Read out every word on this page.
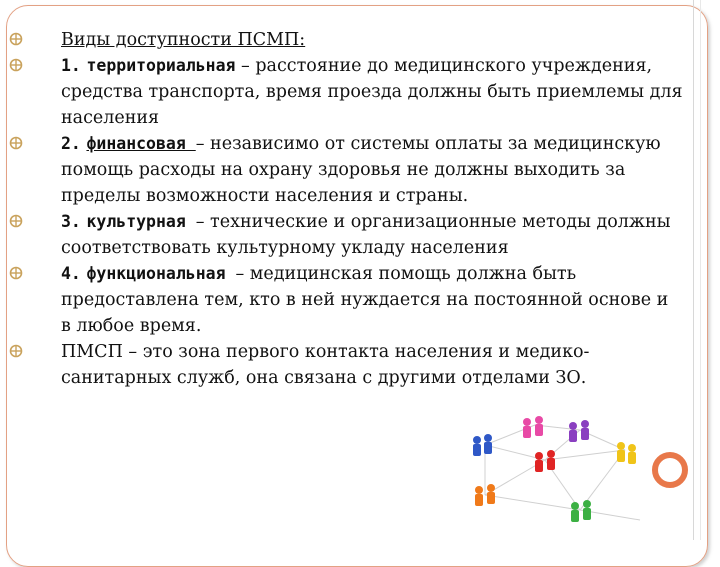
Виды доступности ПСМП:
1. территориальная – расстояние до медицинского учреждения, средства транспорта, время проезда должны быть приемлемы для населения
2. финансовая – независимо от системы оплаты за медицинскую помощь расходы на охрану здоровья не должны выходить за пределы возможности населения и страны.
3. культурная – технические и организационные методы должны соответствовать культурному укладу населения
4. функциональная – медицинская помощь должна быть предоставлена тем, кто в ней нуждается на постоянной основе и в любое время.
ПМСП – это зона первого контакта населения и медико-санитарных служб, она связана с другими отделами ЗО.
